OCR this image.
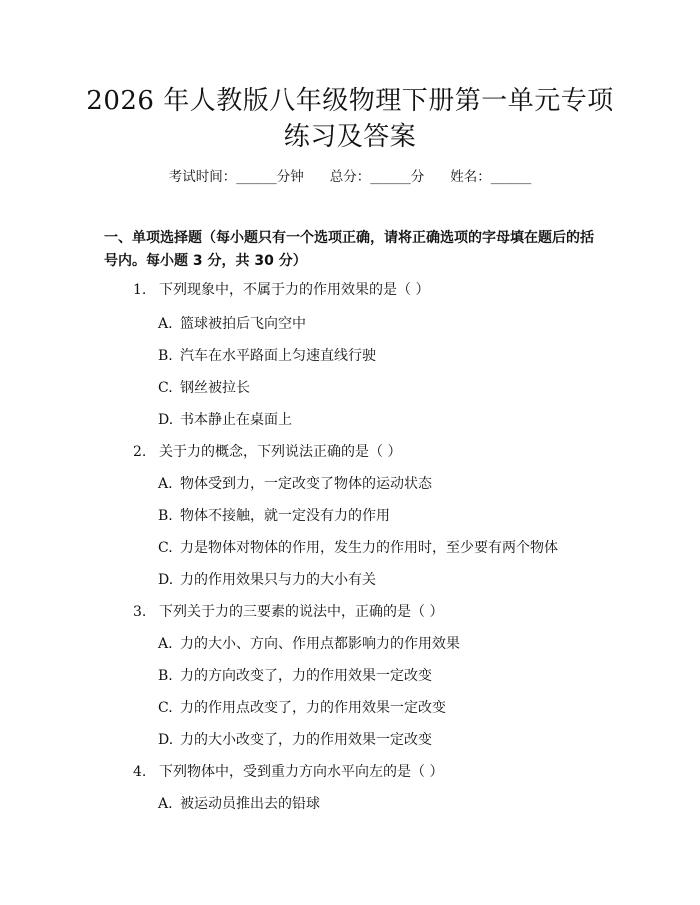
2026 年人教版八年级物理下册第一单元专项
练习及答案
考试时间：______分钟 总分：______分 姓名：______
一、单项选择题（每小题只有一个选项正确，请将正确选项的字母填在题后的括
号内。每小题 3 分，共 30 分）
1. 下列现象中，不属于力的作用效果的是（ ）
A. 篮球被拍后飞向空中
B. 汽车在水平路面上匀速直线行驶
C. 钢丝被拉长
D. 书本静止在桌面上
2. 关于力的概念，下列说法正确的是（ ）
A. 物体受到力，一定改变了物体的运动状态
B. 物体不接触，就一定没有力的作用
C. 力是物体对物体的作用，发生力的作用时，至少要有两个物体
D. 力的作用效果只与力的大小有关
3. 下列关于力的三要素的说法中，正确的是（ ）
A. 力的大小、方向、作用点都影响力的作用效果
B. 力的方向改变了，力的作用效果一定改变
C. 力的作用点改变了，力的作用效果一定改变
D. 力的大小改变了，力的作用效果一定改变
4. 下列物体中，受到重力方向水平向左的是（ ）
A. 被运动员推出去的铅球
